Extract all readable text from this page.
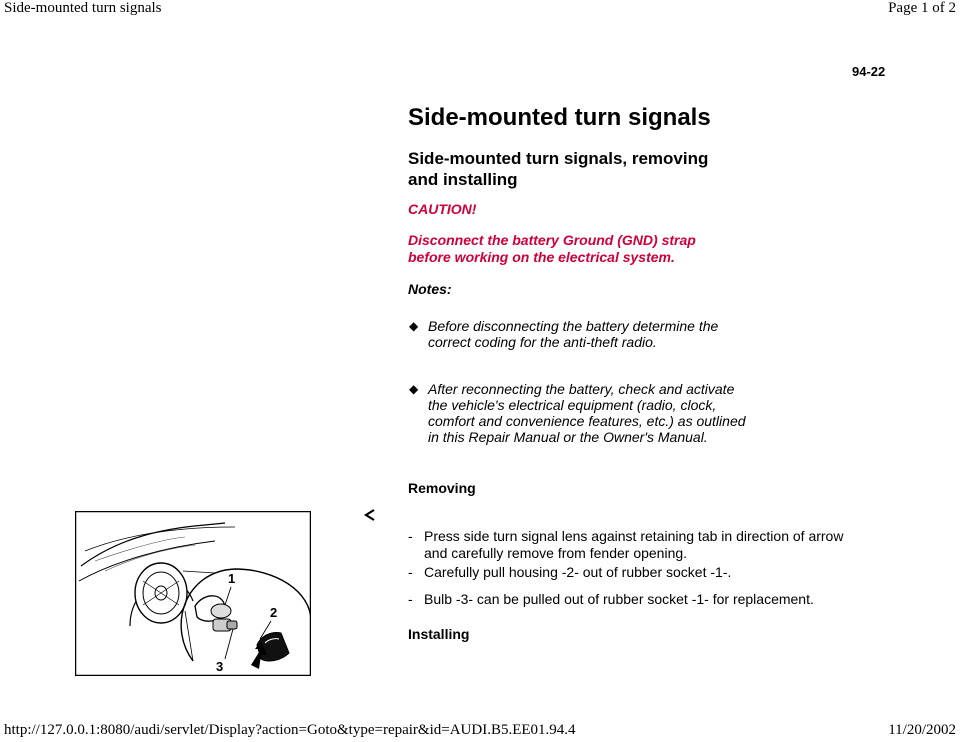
Side-mounted turn signals	Page 1 of 2
94-22
Side-mounted turn signals
Side-mounted turn signals, removing and installing
CAUTION!
Disconnect the battery Ground (GND) strap before working on the electrical system.
Notes:
◆ Before disconnecting the battery determine the correct coding for the anti-theft radio.
◆ After reconnecting the battery, check and activate the vehicle's electrical equipment (radio, clock, comfort and convenience features, etc.) as outlined in this Repair Manual or the Owner's Manual.
Removing
- Press side turn signal lens against retaining tab in direction of arrow and carefully remove from fender opening.
- Carefully pull housing -2- out of rubber socket -1-.
- Bulb -3- can be pulled out of rubber socket -1- for replacement.
Installing
1
2
3
http://127.0.0.1:8080/audi/servlet/Display?action=Goto&type=repair&id=AUDI.B5.EE01.94.4	11/20/2002
